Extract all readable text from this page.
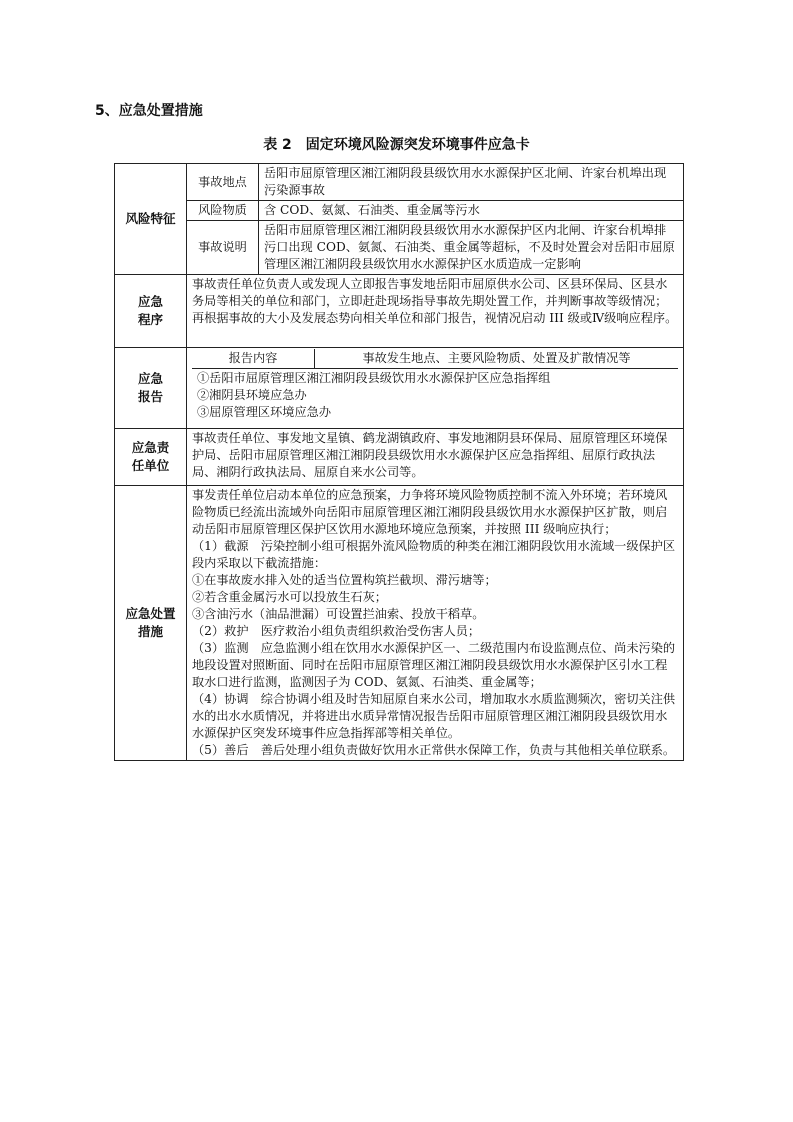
5、应急处置措施
表 2　固定环境风险源突发环境事件应急卡
风险特征	事故地点	岳阳市屈原管理区湘江湘阴段县级饮用水水源保护区北闸、许家台机埠出现污染源事故
风险物质	含 COD、氨氮、石油类、重金属等污水
事故说明	岳阳市屈原管理区湘江湘阴段县级饮用水水源保护区内北闸、许家台机埠排污口出现 COD、氨氮、石油类、重金属等超标，不及时处置会对岳阳市屈原管理区湘江湘阴段县级饮用水水源保护区水质造成一定影响

应急
程序
	事故责任单位负责人或发现人立即报告事发地岳阳市屈原供水公司、区县环保局、区县水务局等相关的单位和部门，立即赶赴现场指导事故先期处置工作，并判断事故等级情况；再根据事故的大小及发展态势向相关单位和部门报告，视情况启动 III 级或Ⅳ级响应程序。

应急
报告

报告内容	事故发生地点、主要风险物质、处置及扩散情况等

①岳阳市屈原管理区湘江湘阴段县级饮用水水源保护区应急指挥组
②湘阴县环境应急办
③屈原管理区环境应急办

应急责
任单位
	事故责任单位、事发地文星镇、鹤龙湖镇政府、事发地湘阴县环保局、屈原管理区环境保护局、岳阳市屈原管理区湘江湘阴段县级饮用水水源保护区应急指挥组、屈原行政执法局、湘阴行政执法局、屈原自来水公司等。

应急处置
措施

事发责任单位启动本单位的应急预案，力争将环境风险物质控制不流入外环境；若环境风险物质已经流出流域外向岳阳市屈原管理区湘江湘阴段县级饮用水水源保护区扩散，则启动岳阳市屈原管理区保护区饮用水源地环境应急预案，并按照 III 级响应执行；
（1）截源　污染控制小组可根据外流风险物质的种类在湘江湘阴段饮用水流域一级保护区段内采取以下截流措施：
①在事故废水排入处的适当位置构筑拦截坝、滞污塘等；
②若含重金属污水可以投放生石灰；
③含油污水（油品泄漏）可设置拦油索、投放干稻草。
（2）救护　医疗救治小组负责组织救治受伤害人员；
（3）监测　应急监测小组在饮用水水源保护区一、二级范围内布设监测点位、尚未污染的地段设置对照断面、同时在岳阳市屈原管理区湘江湘阴段县级饮用水水源保护区引水工程取水口进行监测，监测因子为 COD、氨氮、石油类、重金属等；
（4）协调　综合协调小组及时告知屈原自来水公司，增加取水水质监测频次，密切关注供水的出水水质情况，并将进出水质异常情况报告岳阳市屈原管理区湘江湘阴段县级饮用水水源保护区突发环境事件应急指挥部等相关单位。
（5）善后　善后处理小组负责做好饮用水正常供水保障工作，负责与其他相关单位联系。
